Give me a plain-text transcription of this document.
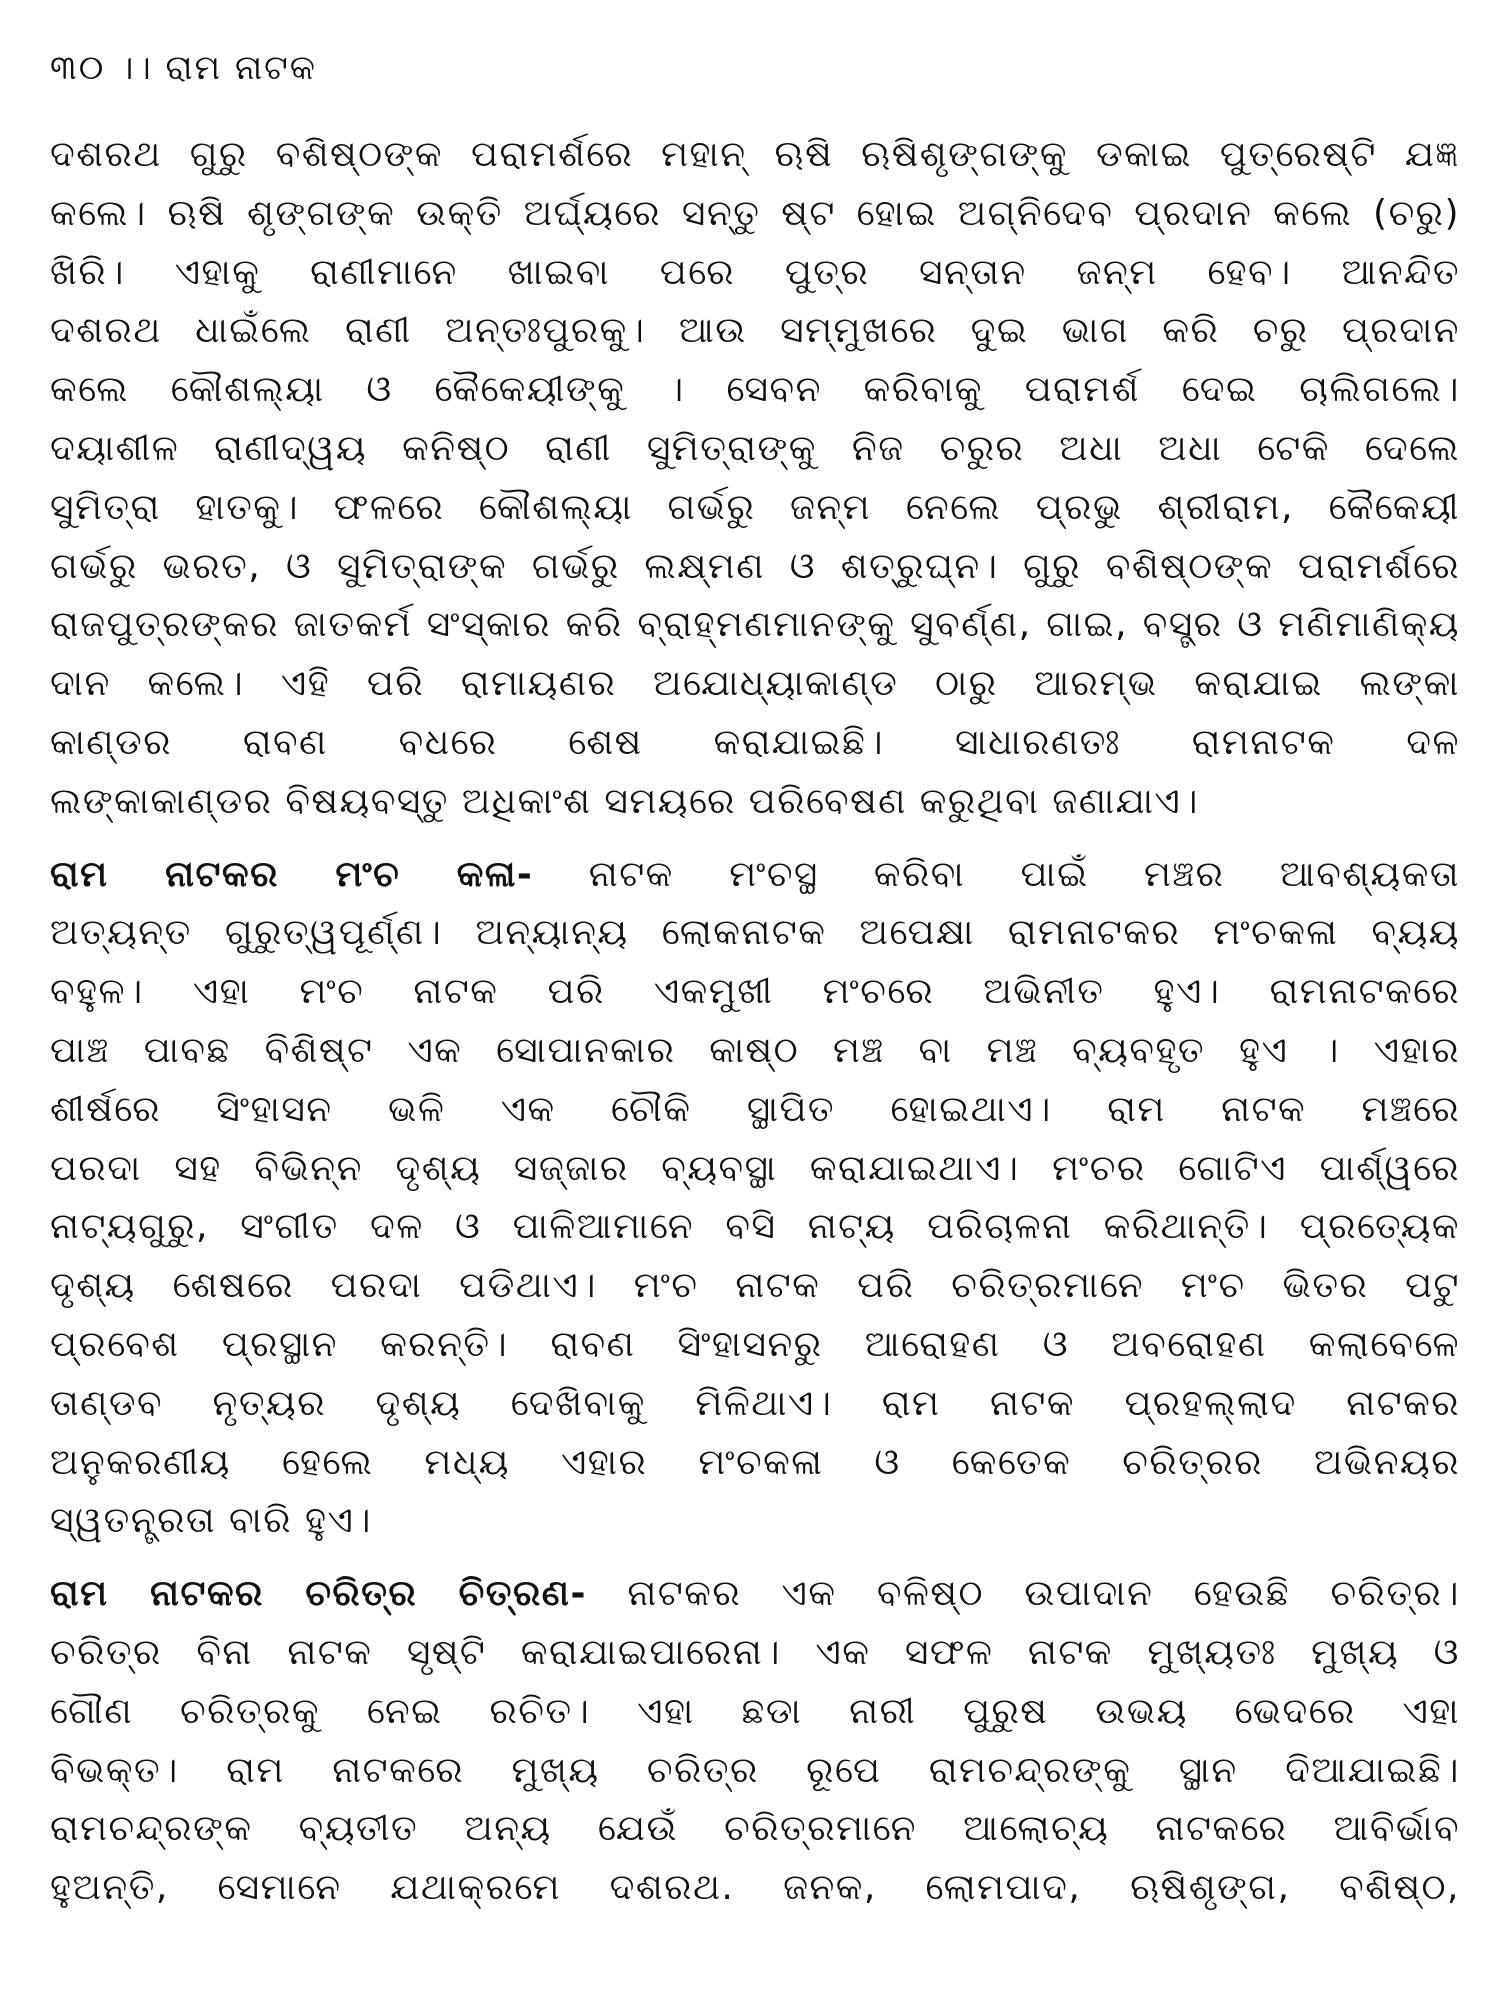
୩୦ ।। ରାମ ନାଟକ
ଦଶରଥ ଗୁରୁ ବଶିଷ୍ଠଙ୍କ ପରାମର୍ଶରେ ମହାନ୍ ଋଷି ଋଷିଶୃଙ୍ଗଙ୍କୁ ଡକାଇ ପୁତ୍ରେଷ୍ଟି ଯଜ୍ଞ
କଲେ। ଋଷି ଶୃଙ୍ଗଙ୍କ ଉକ୍ତି ଅର୍ଘ୍ୟରେ ସନ୍ତୁ ଷ୍ଟ ହୋଇ ଅଗ୍ନିଦେବ ପ୍ରଦାନ କଲେ (ଚରୁ)
ଖିରି। ଏହାକୁ ରାଣୀମାନେ ଖାଇବା ପରେ ପୁତ୍ର ସନ୍ତାନ ଜନ୍ମ ହେବ। ଆନନ୍ଦିତ
ଦଶରଥ ଧାଇଁଲେ ରାଣୀ ଅନ୍ତଃପୁରକୁ। ଆଉ ସମ୍ମୁଖରେ ଦୁଇ ଭାଗ କରି ଚରୁ ପ୍ରଦାନ
କଲେ କୌଶଲ୍ୟା ଓ କୈକେୟୀଙ୍କୁ । ସେବନ କରିବାକୁ ପରାମର୍ଶ ଦେଇ ଚାଲିଗଲେ।
ଦୟାଶୀଳ ରାଣୀଦ୍ୱୟ କନିଷ୍ଠ ରାଣୀ ସୁମିତ୍ରାଙ୍କୁ ନିଜ ଚରୁର ଅଧା ଅଧା ଟେକି ଦେଲେ
ସୁମିତ୍ରା ହାତକୁ। ଫଳରେ କୌଶଲ୍ୟା ଗର୍ଭରୁ ଜନ୍ମ ନେଲେ ପ୍ରଭୁ ଶ୍ରୀରାମ, କୈକେୟୀ
ଗର୍ଭରୁ ଭରତ, ଓ ସୁମିତ୍ରାଙ୍କ ଗର୍ଭରୁ ଲକ୍ଷ୍ମଣ ଓ ଶତ୍ରୁଘ୍ନ। ଗୁରୁ ବଶିଷ୍ଠଙ୍କ ପରାମର୍ଶରେ
ରାଜପୁତ୍ରଙ୍କର ଜାତକର୍ମ ସଂସ୍କାର କରି ବ୍ରାହ୍ମଣମାନଙ୍କୁ ସୁବର୍ଣ୍ଣ, ଗାଇ, ବସ୍ତ୍ର ଓ ମଣିମାଣିକ୍ୟ
ଦାନ କଲେ। ଏହି ପରି ରାମାୟଣର ଅଯୋଧ୍ୟାକାଣ୍ଡ ଠାରୁ ଆରମ୍ଭ କରାଯାଇ ଲଙ୍କା
କାଣ୍ଡର ରାବଣ ବଧରେ ଶେଷ କରାଯାଇଛି। ସାଧାରଣତଃ ରାମନାଟକ ଦଳ
ଲଙ୍କାକାଣ୍ଡର ବିଷୟବସ୍ତୁ ଅଧିକାଂଶ ସମୟରେ ପରିବେଷଣ କରୁଥିବା ଜଣାଯାଏ।
ରାମ ନାଟକର ମଂଚ କଳା- ନାଟକ ମଂଚସ୍ଥ କରିବା ପାଇଁ ମଞ୍ଚର ଆବଶ୍ୟକତା
ଅତ୍ୟନ୍ତ ଗୁରୁତ୍ୱପୂର୍ଣ୍ଣ। ଅନ୍ୟାନ୍ୟ ଲୋକନାଟକ ଅପେକ୍ଷା ରାମନାଟକର ମଂଚକଳା ବ୍ୟୟ
ବହୁଳ। ଏହା ମଂଚ ନାଟକ ପରି ଏକମୁଖୀ ମଂଚରେ ଅଭିନୀତ ହୁଏ। ରାମନାଟକରେ
ପାଞ୍ଚ ପାବଛ ବିଶିଷ୍ଟ ଏକ ସୋପାନକାର କାଷ୍ଠ ମଞ୍ଚ ବା ମଞ୍ଚ ବ୍ୟବହୃତ ହୁଏ । ଏହାର
ଶୀର୍ଷରେ ସିଂହାସନ ଭଳି ଏକ ଚୌକି ସ୍ଥାପିତ ହୋଇଥାଏ। ରାମ ନାଟକ ମଞ୍ଚରେ
ପରଦା ସହ ବିଭିନ୍ନ ଦୃଶ୍ୟ ସଜ୍ଜାର ବ୍ୟବସ୍ଥା କରାଯାଇଥାଏ। ମଂଚର ଗୋଟିଏ ପାର୍ଶ୍ୱରେ
ନାଟ୍ୟଗୁରୁ, ସଂଗୀତ ଦଳ ଓ ପାଳିଆମାନେ ବସି ନାଟ୍ୟ ପରିଚାଳନା କରିଥାନ୍ତି। ପ୍ରତ୍ୟେକ
ଦୃଶ୍ୟ ଶେଷରେ ପରଦା ପଡିଥାଏ। ମଂଚ ନାଟକ ପରି ଚରିତ୍ରମାନେ ମଂଚ ଭିତର ପଟୁ
ପ୍ରବେଶ ପ୍ରସ୍ଥାନ କରନ୍ତି। ରାବଣ ସିଂହାସନରୁ ଆରୋହଣ ଓ ଅବରୋହଣ କଲାବେଳେ
ତାଣ୍ଡବ ନୃତ୍ୟର ଦୃଶ୍ୟ ଦେଖିବାକୁ ମିଳିଥାଏ। ରାମ ନାଟକ ପ୍ରହଲ୍ଲାଦ ନାଟକର
ଅନୁକରଣୀୟ ହେଲେ ମଧ୍ୟ ଏହାର ମଂଚକଳା ଓ କେତେକ ଚରିତ୍ରର ଅଭିନୟର
ସ୍ୱତନ୍ତ୍ରତା ବାରି ହୁଏ।
ରାମ ନାଟକର ଚରିତ୍ର ଚିତ୍ରଣ- ନାଟକର ଏକ ବଳିଷ୍ଠ ଉପାଦାନ ହେଉଛି ଚରିତ୍ର।
ଚରିତ୍ର ବିନା ନାଟକ ସୃଷ୍ଟି କରାଯାଇପାରେନା। ଏକ ସଫଳ ନାଟକ ମୁଖ୍ୟତଃ ମୁଖ୍ୟ ଓ
ଗୌଣ ଚରିତ୍ରକୁ ନେଇ ରଚିତ। ଏହା ଛଡା ନାରୀ ପୁରୁଷ ଉଭୟ ଭେଦରେ ଏହା
ବିଭକ୍ତ। ରାମ ନାଟକରେ ମୁଖ୍ୟ ଚରିତ୍ର ରୂପେ ରାମଚନ୍ଦ୍ରଙ୍କୁ ସ୍ଥାନ ଦିଆଯାଇଛି।
ରାମଚନ୍ଦ୍ରଙ୍କ ବ୍ୟତୀତ ଅନ୍ୟ ଯେଉଁ ଚରିତ୍ରମାନେ ଆଲୋଚ୍ୟ ନାଟକରେ ଆବିର୍ଭାବ
ହୁଅନ୍ତି, ସେମାନେ ଯଥାକ୍ରମେ ଦଶରଥ. ଜନକ, ଲୋମପାଦ, ଋଷିଶୃଙ୍ଗ, ବଶିଷ୍ଠ,
